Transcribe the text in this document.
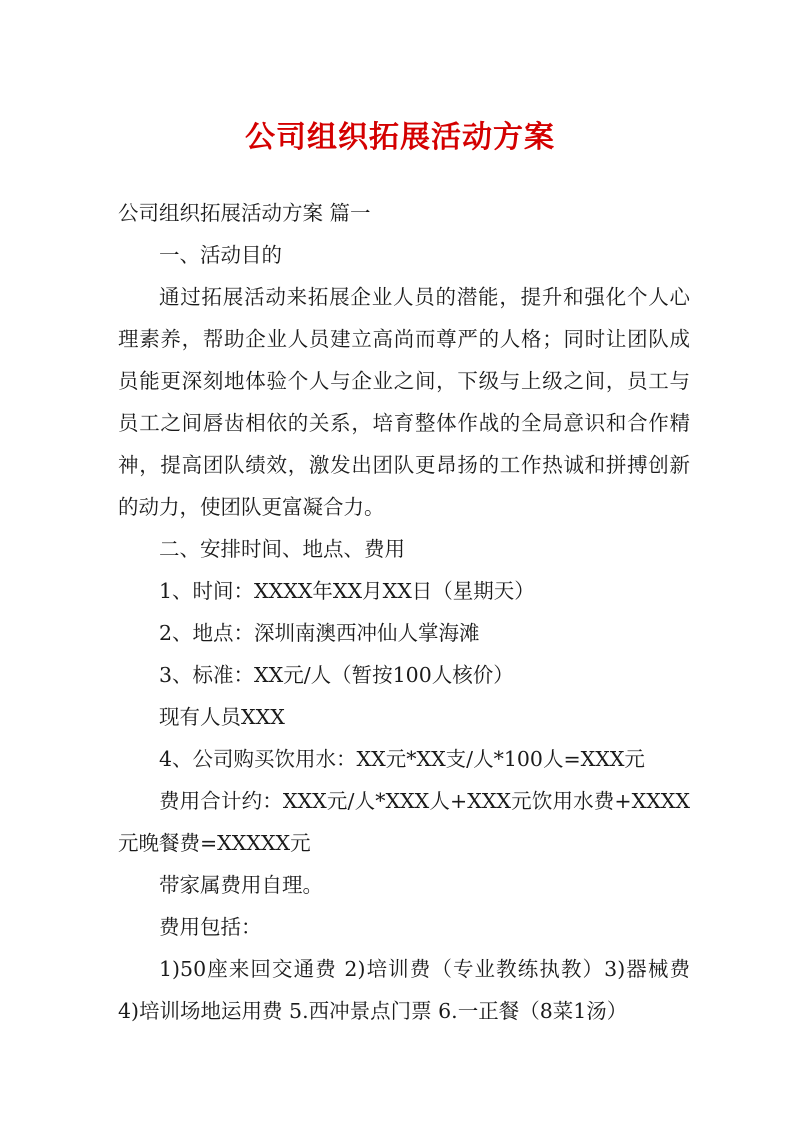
公司组织拓展活动方案

公司组织拓展活动方案 篇一

一、活动目的

通过拓展活动来拓展企业人员的潜能，提升和强化个人心理素养，帮助企业人员建立高尚而尊严的人格；同时让团队成员能更深刻地体验个人与企业之间，下级与上级之间，员工与员工之间唇齿相依的关系，培育整体作战的全局意识和合作精神，提高团队绩效，激发出团队更昂扬的工作热诚和拼搏创新的动力，使团队更富凝合力。

二、安排时间、地点、费用

1、时间：XXXX年XX月XX日（星期天）

2、地点：深圳南澳西冲仙人掌海滩

3、标准：XX元/人（暂按100人核价）

现有人员XXX

4、公司购买饮用水：XX元*XX支/人*100人=XXX元

费用合计约：XXX元/人*XXX人+XXX元饮用水费+XXXX元晚餐费=XXXXX元

带家属费用自理。

费用包括：

1)50座来回交通费 2)培训费（专业教练执教）3)器械费 4)培训场地运用费 5.西冲景点门票 6.一正餐（8菜1汤）
